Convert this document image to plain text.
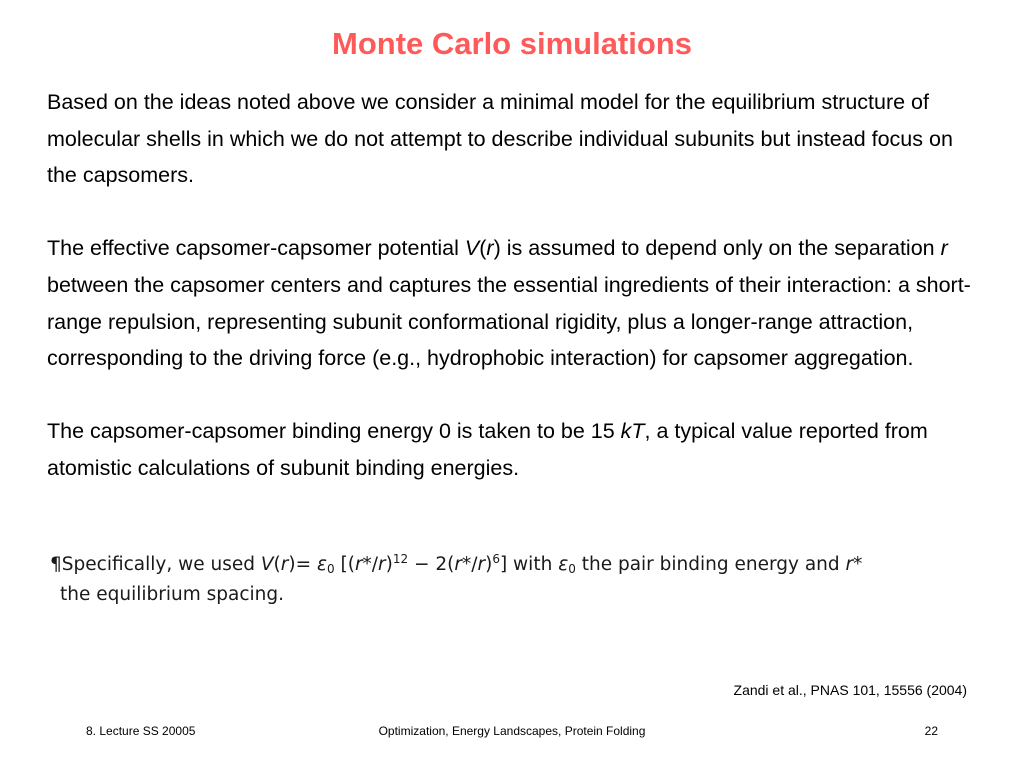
Monte Carlo simulations

Based on the ideas noted above we consider a minimal model for the equilibrium structure of molecular shells in which we do not attempt to describe individual subunits but instead focus on the capsomers.

The effective capsomer-capsomer potential V(r) is assumed to depend only on the separation r between the capsomer centers and captures the essential ingredients of their interaction: a short-range repulsion, representing subunit conformational rigidity, plus a longer-range attraction, corresponding to the driving force (e.g., hydrophobic interaction) for capsomer aggregation.

The capsomer-capsomer binding energy 0 is taken to be 15 kT, a typical value reported from atomistic calculations of subunit binding energies.

¶Specifically, we used $V(r)= \varepsilon_0$ $[(r*/r)^{12} - 2(r*/r)^6]$ with $\varepsilon_0$ the pair binding energy and r*
the equilibrium spacing.
Zandi et al., PNAS 101, 15556 (2004)
8. Lecture SS 20005	Optimization, Energy Landscapes, Protein Folding	22
